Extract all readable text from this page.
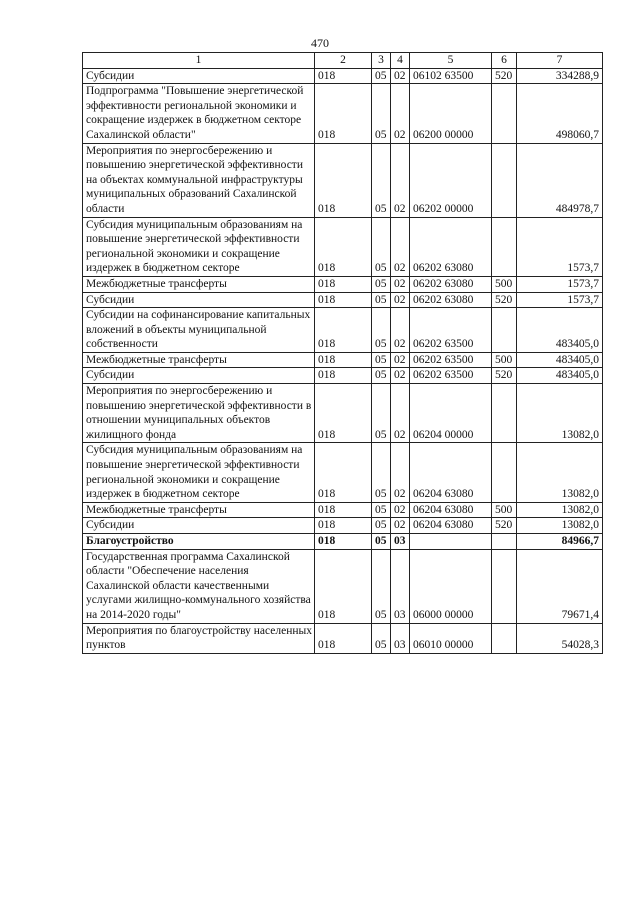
470
1	2	3	4	5	6	7
Субсидии	018	05	02	06102 63500	520	334288,9
Подпрограмма "Повышение энергетической эффективности региональной экономики и сокращение издержек в бюджетном секторе Сахалинской области"	018	05	02	06200 00000		498060,7
Мероприятия по энергосбережению и повышению энергетической эффективности на объектах коммунальной инфраструктуры муниципальных образований Сахалинской области	018	05	02	06202 00000		484978,7
Субсидия муниципальным образованиям на повышение энергетической эффективности региональной экономики и сокращение издержек в бюджетном секторе	018	05	02	06202 63080		1573,7
Межбюджетные трансферты	018	05	02	06202 63080	500	1573,7
Субсидии	018	05	02	06202 63080	520	1573,7
Субсидии на софинансирование капитальных вложений в объекты муниципальной собственности	018	05	02	06202 63500		483405,0
Межбюджетные трансферты	018	05	02	06202 63500	500	483405,0
Субсидии	018	05	02	06202 63500	520	483405,0
Мероприятия по энергосбережению и повышению энергетической эффективности в отношении муниципальных объектов жилищного фонда	018	05	02	06204 00000		13082,0
Субсидия муниципальным образованиям на повышение энергетической эффективности региональной экономики и сокращение издержек в бюджетном секторе	018	05	02	06204 63080		13082,0
Межбюджетные трансферты	018	05	02	06204 63080	500	13082,0
Субсидии	018	05	02	06204 63080	520	13082,0
Благоустройство	018	05	03			84966,7
Государственная программа Сахалинской области "Обеспечение населения Сахалинской области качественными услугами жилищно-коммунального хозяйства на 2014-2020 годы"	018	05	03	06000 00000		79671,4
Мероприятия по благоустройству населенных пунктов	018	05	03	06010 00000		54028,3
